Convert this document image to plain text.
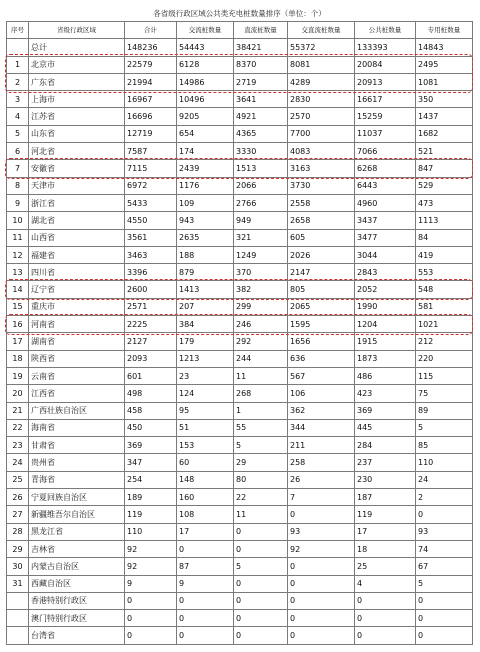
各省级行政区域公共类充电桩数量排序（单位：个）							
序号	省级行政区域	合计	交流桩数量	直流桩数量	交直流桩数量	公共桩数量	专用桩数量
	总计	148236	54443	38421	55372	133393	14843
1	北京市	22579	6128	8370	8081	20084	2495
2	广东省	21994	14986	2719	4289	20913	1081
3	上海市	16967	10496	3641	2830	16617	350
4	江苏省	16696	9205	4921	2570	15259	1437
5	山东省	12719	654	4365	7700	11037	1682
6	河北省	7587	174	3330	4083	7066	521
7	安徽省	7115	2439	1513	3163	6268	847
8	天津市	6972	1176	2066	3730	6443	529
9	浙江省	5433	109	2766	2558	4960	473
10	湖北省	4550	943	949	2658	3437	1113
11	山西省	3561	2635	321	605	3477	84
12	福建省	3463	188	1249	2026	3044	419
13	四川省	3396	879	370	2147	2843	553
14	辽宁省	2600	1413	382	805	2052	548
15	重庆市	2571	207	299	2065	1990	581
16	河南省	2225	384	246	1595	1204	1021
17	湖南省	2127	179	292	1656	1915	212
18	陕西省	2093	1213	244	636	1873	220
19	云南省	601	23	11	567	486	115
20	江西省	498	124	268	106	423	75
21	广西壮族自治区	458	95	1	362	369	89
22	海南省	450	51	55	344	445	5
23	甘肃省	369	153	5	211	284	85
24	贵州省	347	60	29	258	237	110
25	青海省	254	148	80	26	230	24
26	宁夏回族自治区	189	160	22	7	187	2
27	新疆维吾尔自治区	119	108	11	0	119	0
28	黑龙江省	110	17	0	93	17	93
29	吉林省	92	0	0	92	18	74
30	内蒙古自治区	92	87	5	0	25	67
31	西藏自治区	9	9	0	0	4	5
	香港特别行政区	0	0	0	0	0	0
	澳门特别行政区	0	0	0	0	0	0
	台湾省	0	0	0	0	0	0
